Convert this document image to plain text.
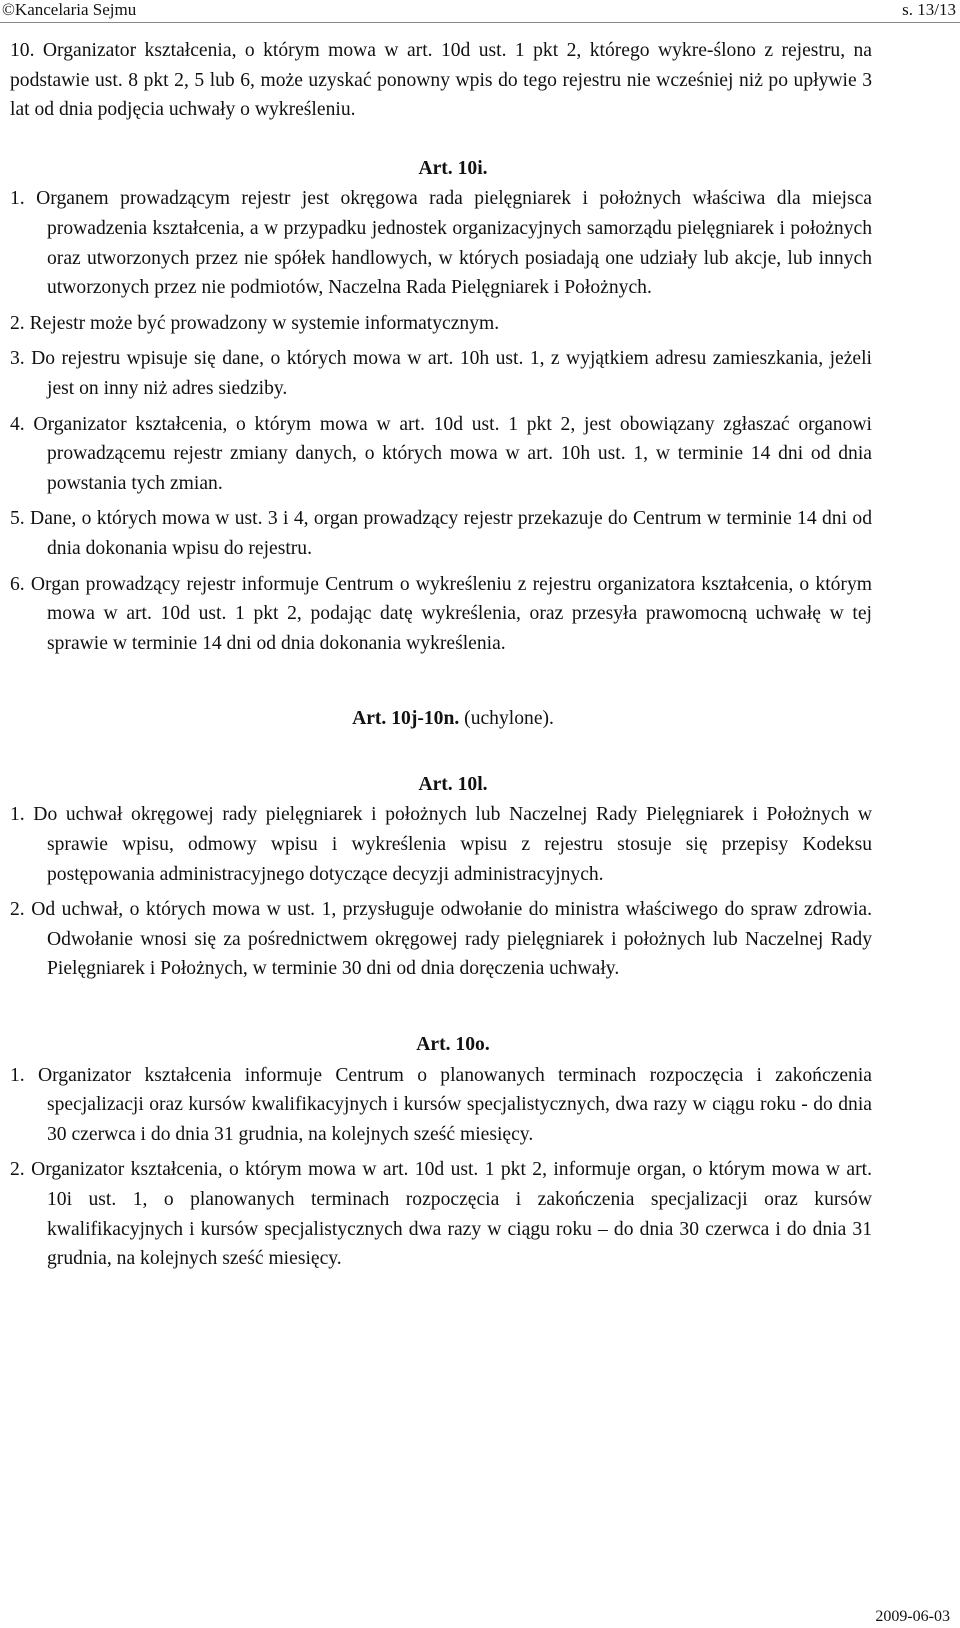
©Kancelaria Sejmu	s. 13/13

10. Organizator kształcenia, o którym mowa w art. 10d ust. 1 pkt 2, którego wykre-ślono z rejestru, na podstawie ust. 8 pkt 2, 5 lub 6, może uzyskać ponowny wpis do tego rejestru nie wcześniej niż po upływie 3 lat od dnia podjęcia uchwały o wykreśleniu.

Art. 10i.

1. Organem prowadzącym rejestr jest okręgowa rada pielęgniarek i położnych właściwa dla miejsca prowadzenia kształcenia, a w przypadku jednostek organizacyjnych samorządu pielęgniarek i położnych oraz utworzonych przez nie spółek handlowych, w których posiadają one udziały lub akcje, lub innych utworzonych przez nie podmiotów, Naczelna Rada Pielęgniarek i Położnych.

2. Rejestr może być prowadzony w systemie informatycznym.

3. Do rejestru wpisuje się dane, o których mowa w art. 10h ust. 1, z wyjątkiem adresu zamieszkania, jeżeli jest on inny niż adres siedziby.

4. Organizator kształcenia, o którym mowa w art. 10d ust. 1 pkt 2, jest obowiązany zgłaszać organowi prowadzącemu rejestr zmiany danych, o których mowa w art. 10h ust. 1, w terminie 14 dni od dnia powstania tych zmian.

5. Dane, o których mowa w ust. 3 i 4, organ prowadzący rejestr przekazuje do Centrum w terminie 14 dni od dnia dokonania wpisu do rejestru.

6. Organ prowadzący rejestr informuje Centrum o wykreśleniu z rejestru organizatora kształcenia, o którym mowa w art. 10d ust. 1 pkt 2, podając datę wykreślenia, oraz przesyła prawomocną uchwałę w tej sprawie w terminie 14 dni od dnia dokonania wykreślenia.

Art. 10j-10n. (uchylone).

Art. 10l.

1. Do uchwał okręgowej rady pielęgniarek i położnych lub Naczelnej Rady Pielęgniarek i Położnych w sprawie wpisu, odmowy wpisu i wykreślenia wpisu z rejestru stosuje się przepisy Kodeksu postępowania administracyjnego dotyczące decyzji administracyjnych.

2. Od uchwał, o których mowa w ust. 1, przysługuje odwołanie do ministra właściwego do spraw zdrowia. Odwołanie wnosi się za pośrednictwem okręgowej rady pielęgniarek i położnych lub Naczelnej Rady Pielęgniarek i Położnych, w terminie 30 dni od dnia doręczenia uchwały.

Art. 10o.

1. Organizator kształcenia informuje Centrum o planowanych terminach rozpoczęcia i zakończenia specjalizacji oraz kursów kwalifikacyjnych i kursów specjalistycznych, dwa razy w ciągu roku - do dnia 30 czerwca i do dnia 31 grudnia, na kolejnych sześć miesięcy.

2. Organizator kształcenia, o którym mowa w art. 10d ust. 1 pkt 2, informuje organ, o którym mowa w art. 10i ust. 1, o planowanych terminach rozpoczęcia i zakończenia specjalizacji oraz kursów kwalifikacyjnych i kursów specjalistycznych dwa razy w ciągu roku – do dnia 30 czerwca i do dnia 31 grudnia, na kolejnych sześć miesięcy.

2009-06-03
